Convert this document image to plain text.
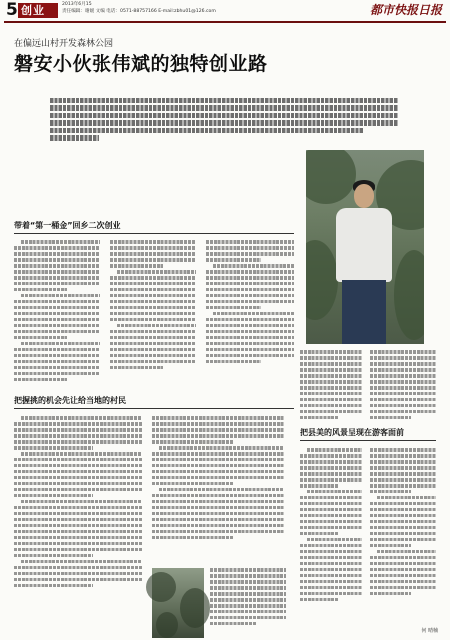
5 创业	2013年6月15
责任编辑：谢媛 文编 电话：0571-88757166 E-mail:zbhu01@126.com	都市快报日报
在偏远山村开发森林公园
磐安小伙张伟斌的独特创业路
带着“第一桶金”回乡二次创业
把握挑的机会先让给当地的村民
把县美的风景呈现在游客面前
何 晴楠
